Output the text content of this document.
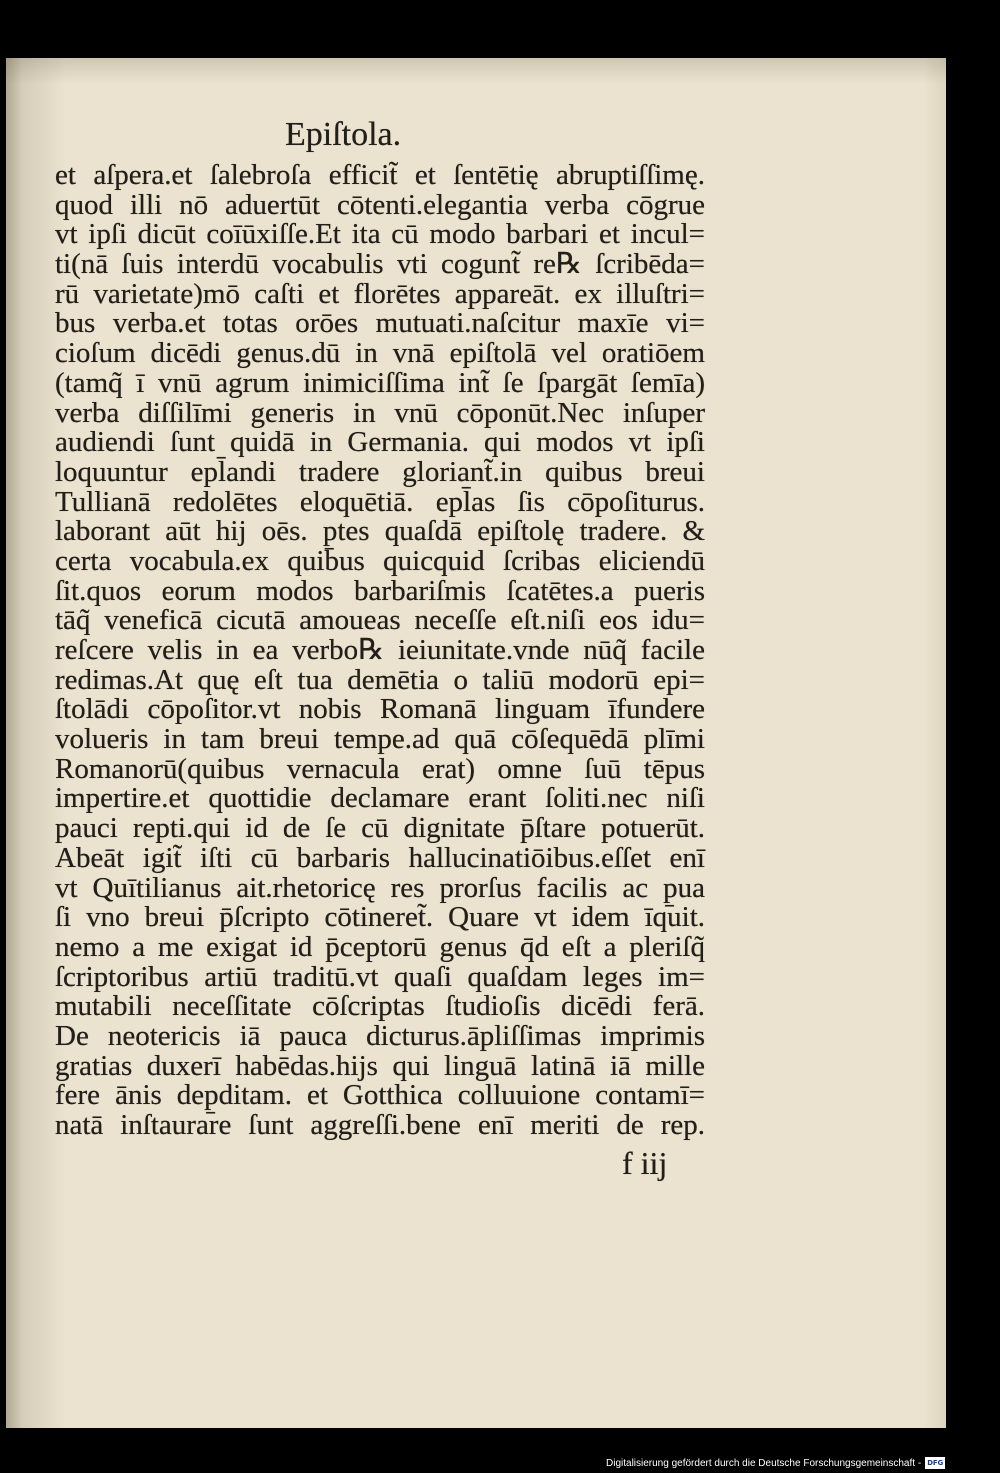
Epiſtola.
et aſpera.et ſalebroſa efficit̃ et ſentētię abruptiſſimę.
quod illi nō aduertūt cōtenti.elegantia verba cōgrue
vt ipſi dicūt coīūxiſſe.Et ita cū modo barbari et incul=
ti(nā ſuis interdū vocabulis vti cogunt̃ re℞ ſcribēda=
rū varietate)mō caſti et florētes appareāt. ex illuſtri=
bus verba.et totas orōes mutuati.naſcitur maxīe vi=
cioſum dicēdi genus.dū in vnā epiſtolā vel oratiōem
(tamq̃ ī vnū agrum inimiciſſima int̃ ſe ſpargāt ſemīa)
verba diſſilīmi generis in vnū cōponūt.Nec inſuper
audiendi ſunt quidā in Germania. qui modos vt ipſi
loquuntur epl̄andi tradere gloriant̃.in quibus breui
Tullianā redolētes eloquētiā. epl̄as ſis cōpoſiturus.
laborant aūt hij oēs. p̱tes quaſdā epiſtolę tradere. &
certa vocabula.ex quibus quicquid ſcribas eliciendū
ſit.quos eorum modos barbariſmis ſcatētes.a pueris
tāq̃ veneficā cicutā amoueas neceſſe eſt.niſi eos idu=
reſcere velis in ea verbo℞ ieiunitate.vnde nūq̃ facile
redimas.At quę eſt tua demētia o taliū modorū epi=
ſtolādi cōpoſitor.vt nobis Romanā linguam īfundere
volueris in tam breui tempe.ad quā cōſequēdā plīmi
Romanorū(quibus vernacula erat) omne ſuū tēpus
impertire.et quottidie declamare erant ſoliti.nec niſi
pauci repti.qui id de ſe cū dignitate p̄ſtare potuerūt.
Abeāt igit̃ iſti cū barbaris hallucinatiōibus.eſſet enī
vt Quītilianus ait.rhetoricę res prorſus facilis ac p̱ua
ſi vno breui p̄ſcripto cōtineret̃. Quare vt idem īquit.
nemo a me exigat id p̄ceptorū genus q̄d eſt a pleriſq̃
ſcriptoribus artiū traditū.vt quaſi quaſdam leges im=
mutabili neceſſitate cōſcriptas ſtudioſis dicēdi ferā.
De neotericis iā pauca dicturus.āpliſſimas imprimis
gratias duxerī habēdas.hijs qui linguā latinā iā mille
fere ānis dep̱ditam. et Gotthica colluuione contamī=
natā inſtaurare ſunt aggreſſi.bene enī meriti de rep.
f iij
Digitalisierung gefördert durch die Deutsche Forschungsgemeinschaft - DFG
